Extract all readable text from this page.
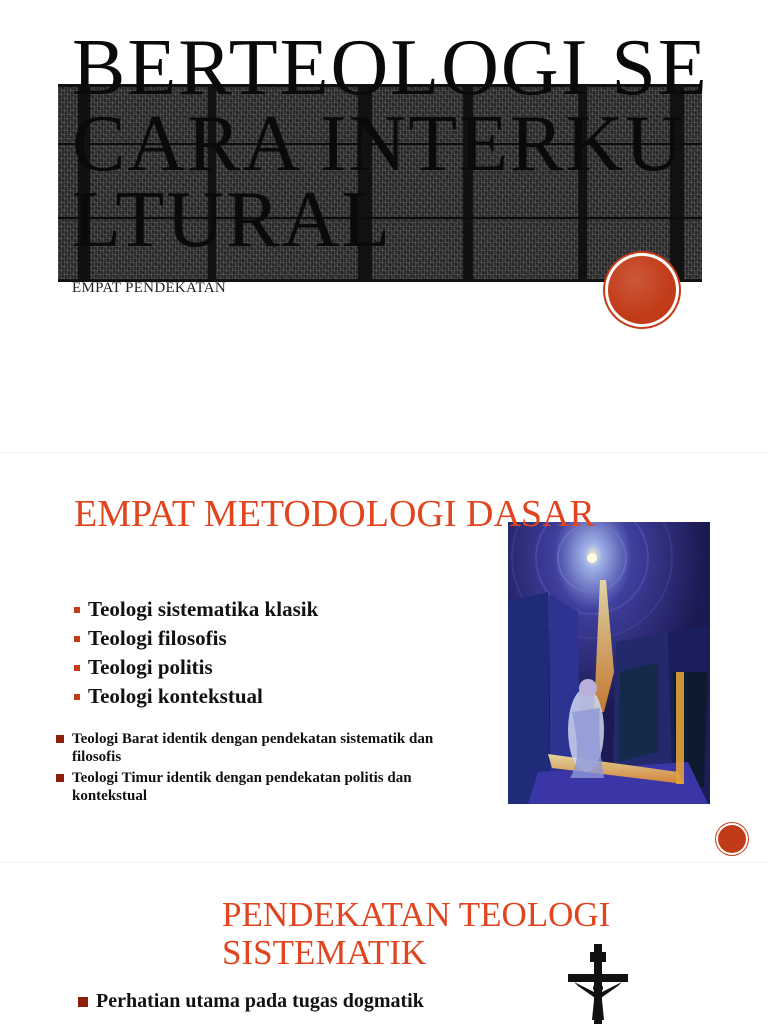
BERTEOLOGI SECARA INTERKULTURAL
EMPAT PENDEKATAN
EMPAT METODOLOGI DASAR
Teologi sistematika klasik
Teologi filosofis
Teologi politis
Teologi kontekstual
Teologi Barat identik dengan pendekatan sistematik dan filosofis
Teologi Timur identik dengan pendekatan politis dan kontekstual
PENDEKATAN TEOLOGI SISTEMATIK
Perhatian utama pada tugas dogmatik
